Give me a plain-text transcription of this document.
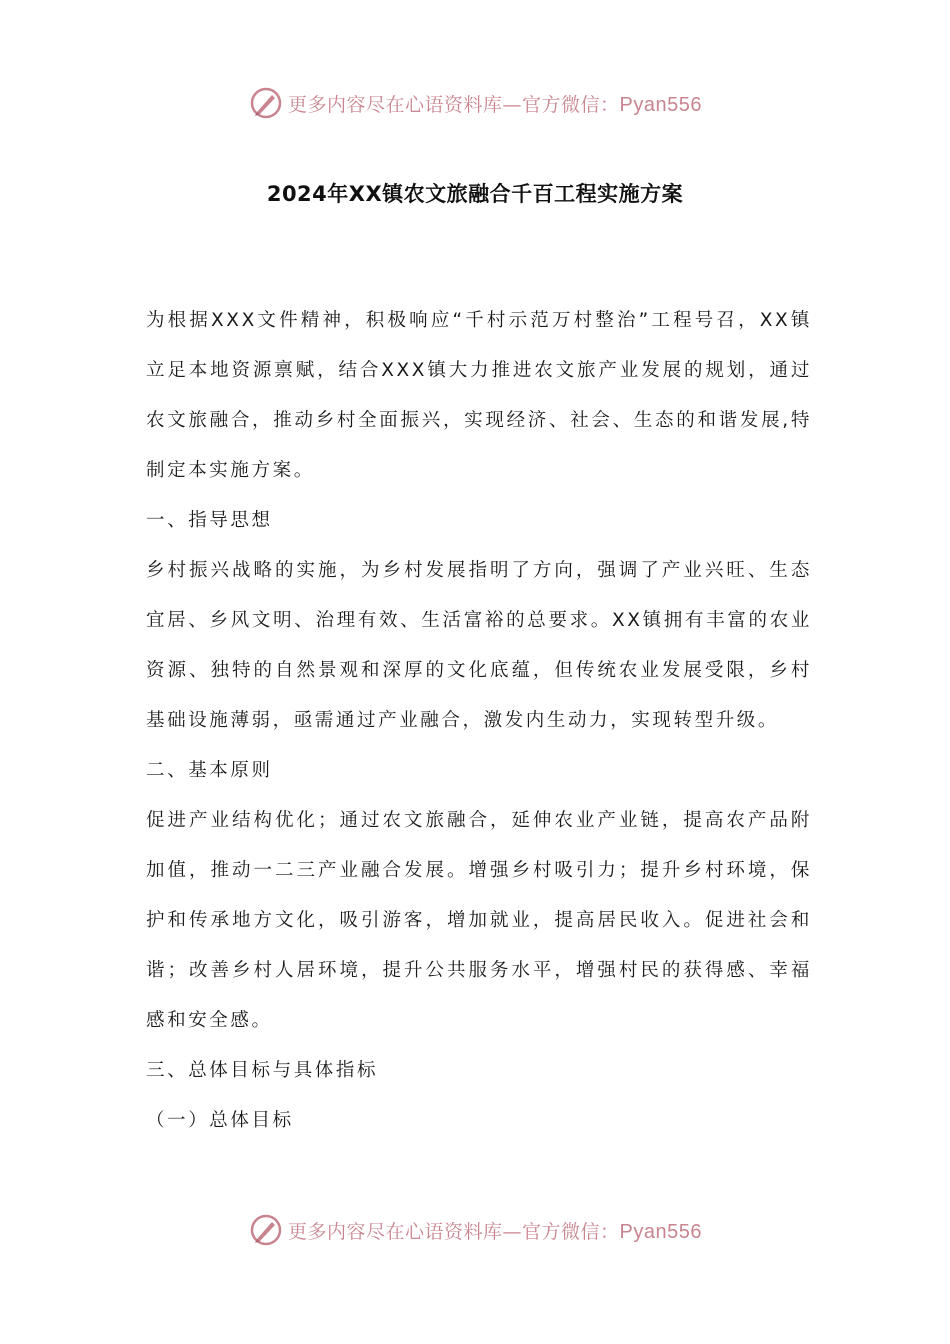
更多内容尽在心语资料库—官方微信：Pyan556
2024年XX镇农文旅融合千百工程实施方案

为根据XXX文件精神，积极响应“千村示范万村整治”工程号召，XX镇立足本地资源禀赋，结合XXX镇大力推进农文旅产业发展的规划，通过农文旅融合，推动乡村全面振兴，实现经济、社会、生态的和谐发展,特制定本实施方案。

一、指导思想

乡村振兴战略的实施，为乡村发展指明了方向，强调了产业兴旺、生态宜居、乡风文明、治理有效、生活富裕的总要求。XX镇拥有丰富的农业资源、独特的自然景观和深厚的文化底蕴，但传统农业发展受限，乡村基础设施薄弱，亟需通过产业融合，激发内生动力，实现转型升级。

二、基本原则

促进产业结构优化；通过农文旅融合，延伸农业产业链，提高农产品附加值，推动一二三产业融合发展。增强乡村吸引力；提升乡村环境，保护和传承地方文化，吸引游客，增加就业，提高居民收入。促进社会和谐；改善乡村人居环境，提升公共服务水平，增强村民的获得感、幸福感和安全感。

三、总体目标与具体指标

（一）总体目标

更多内容尽在心语资料库—官方微信：Pyan556
